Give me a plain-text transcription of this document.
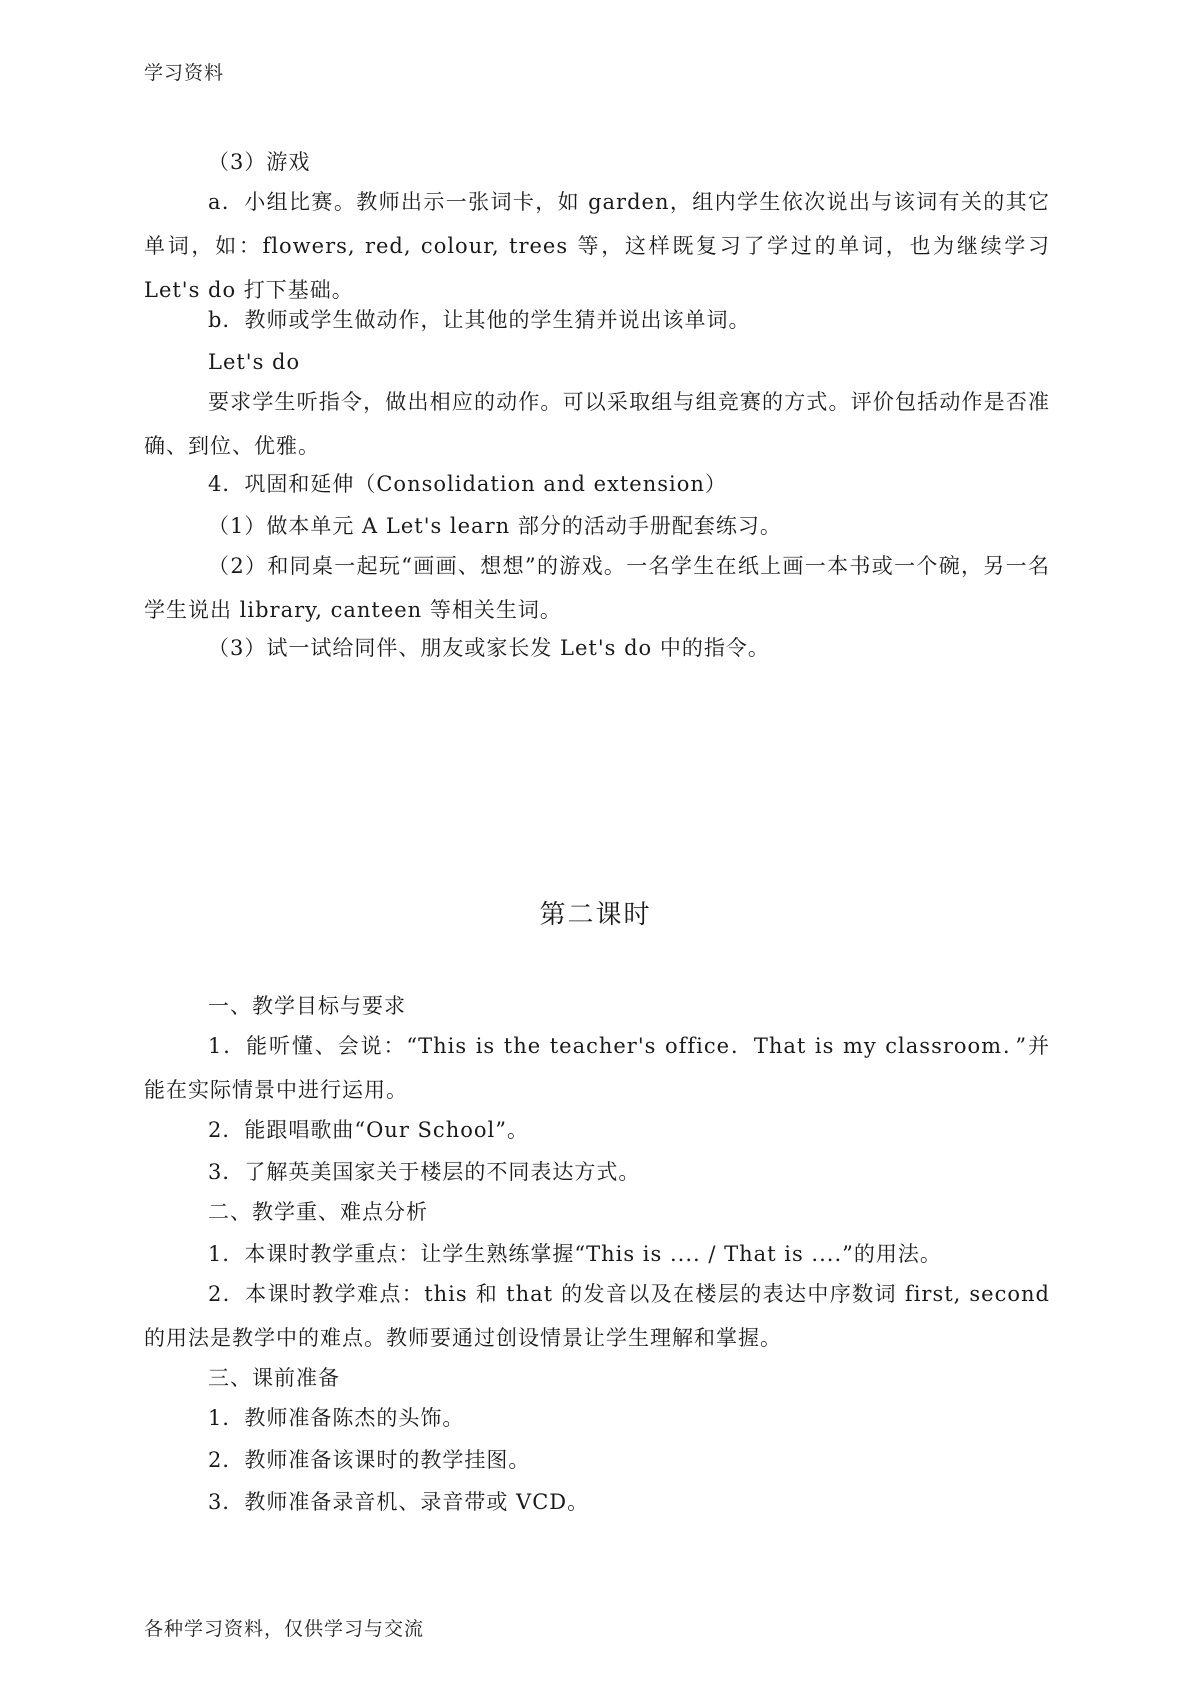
学习资料

（3）游戏

a．小组比赛。教师出示一张词卡，如 garden，组内学生依次说出与该词有关的其它单词，如：flowers, red, colour, trees 等，这样既复习了学过的单词，也为继续学习 Let's do 打下基础。

b．教师或学生做动作，让其他的学生猜并说出该单词。

Let's do

要求学生听指令，做出相应的动作。可以采取组与组竞赛的方式。评价包括动作是否准确、到位、优雅。

4．巩固和延伸（Consolidation and extension）

（1）做本单元 A Let's learn 部分的活动手册配套练习。

（2）和同桌一起玩“画画、想想”的游戏。一名学生在纸上画一本书或一个碗，另一名学生说出 library, canteen 等相关生词。

（3）试一试给同伴、朋友或家长发 Let's do 中的指令。

第二课时

一、教学目标与要求

1．能听懂、会说：“This is the teacher's office．That is my classroom．”并能在实际情景中进行运用。

2．能跟唱歌曲“Our School”。

3．了解英美国家关于楼层的不同表达方式。

二、教学重、难点分析

1．本课时教学重点：让学生熟练掌握“This is .... / That is ....”的用法。

2．本课时教学难点：this 和 that 的发音以及在楼层的表达中序数词 first, second 的用法是教学中的难点。教师要通过创设情景让学生理解和掌握。

三、课前准备

1．教师准备陈杰的头饰。

2．教师准备该课时的教学挂图。

3．教师准备录音机、录音带或 VCD。

各种学习资料，仅供学习与交流
